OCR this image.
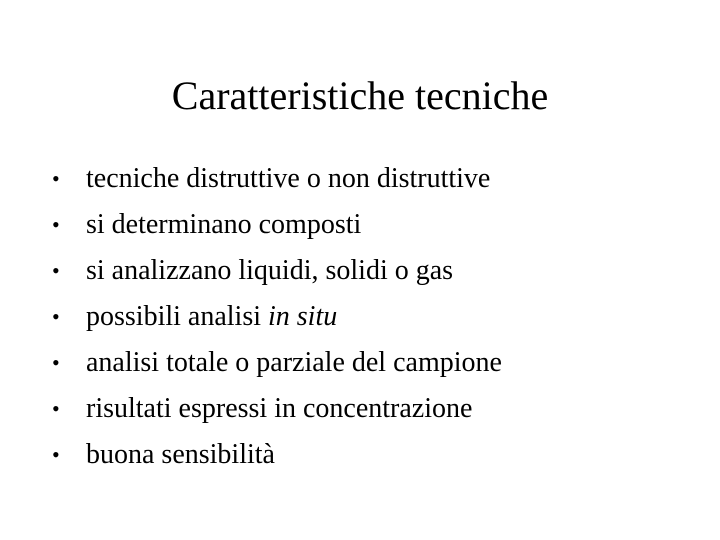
Caratteristiche tecniche
• tecniche distruttive o non distruttive
• si determinano composti
• si analizzano liquidi, solidi o gas
• possibili analisi in situ
• analisi totale o parziale del campione
• risultati espressi in concentrazione
• buona sensibilità
